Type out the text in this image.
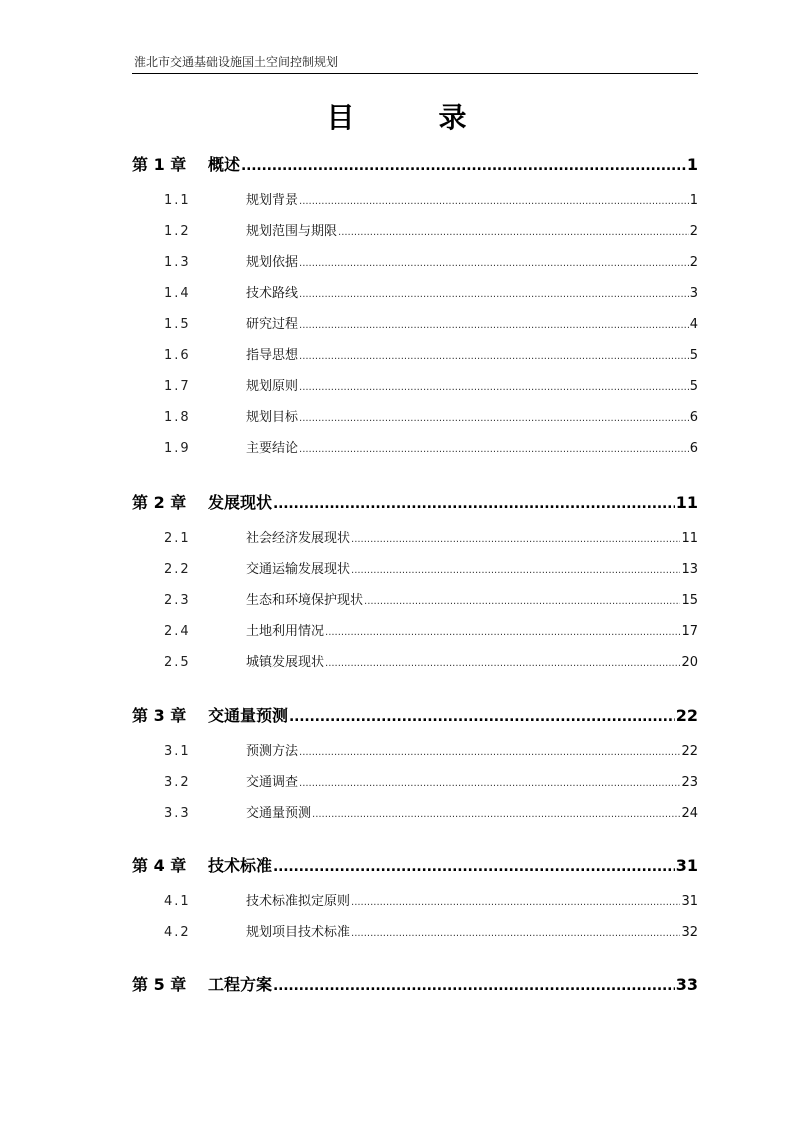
淮北市交通基础设施国土空间控制规划
目　录
第 1 章	概述 .....	1
1.1	规划背景 .....	1
1.2	规划范围与期限 .....	2
1.3	规划依据 .....	2
1.4	技术路线 .....	3
1.5	研究过程 .....	4
1.6	指导思想 .....	5
1.7	规划原则 .....	5
1.8	规划目标 .....	6
1.9	主要结论 .....	6
第 2 章	发展现状 .....	11
2.1	社会经济发展现状 .....	11
2.2	交通运输发展现状 .....	13
2.3	生态和环境保护现状 .....	15
2.4	土地利用情况 .....	17
2.5	城镇发展现状 .....	20
第 3 章	交通量预测 .....	22
3.1	预测方法 .....	22
3.2	交通调查 .....	23
3.3	交通量预测 .....	24
第 4 章	技术标准 .....	31
4.1	技术标准拟定原则 .....	31
4.2	规划项目技术标准 .....	32
第 5 章	工程方案 .....	33
